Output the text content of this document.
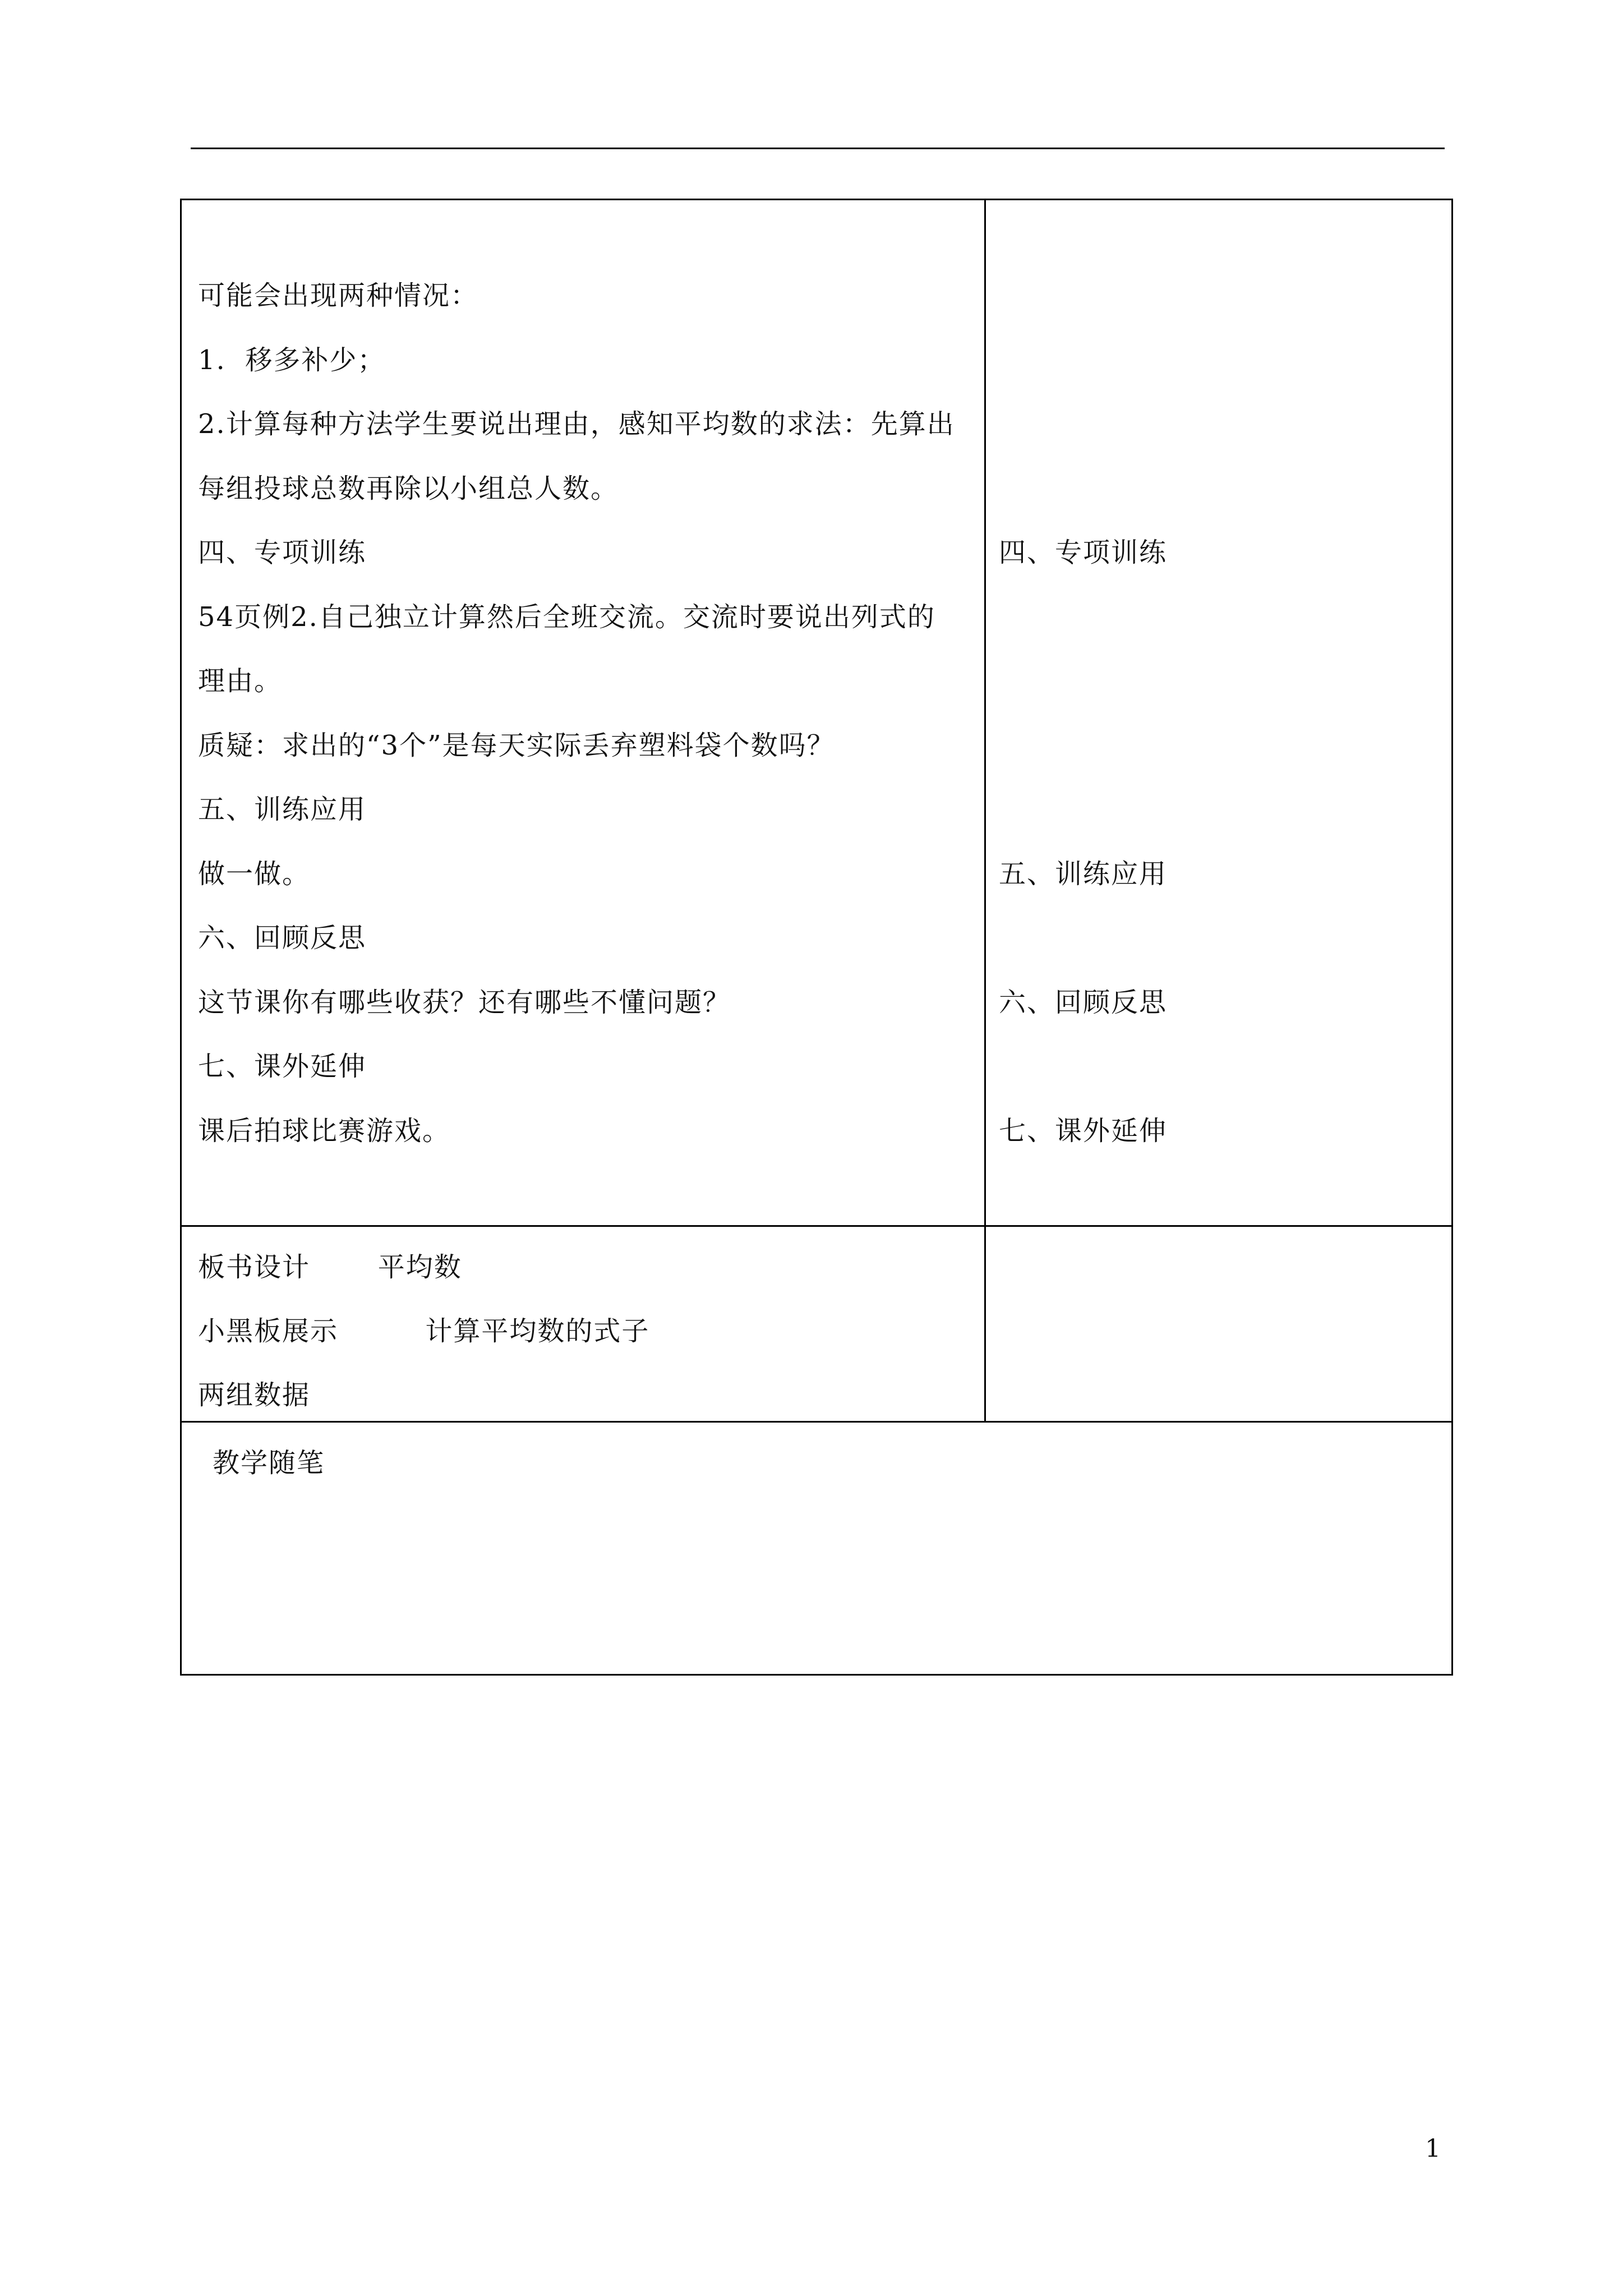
可能会出现两种情况：
1.  移多补少；
2.计算每种方法学生要说出理由，感知平均数的求法：先算出
每组投球总数再除以小组总人数。
四、专项训练
54页例2.自己独立计算然后全班交流。交流时要说出列式的
理由。
质疑：求出的“3个”是每天实际丢弃塑料袋个数吗？
五、训练应用
做一做。
六、回顾反思
这节课你有哪些收获？还有哪些不懂问题？
七、课外延伸
课后拍球比赛游戏。
四、专项训练
五、训练应用
六、回顾反思
七、课外延伸
板书设计       平均数
小黑板展示         计算平均数的式子
两组数据
教学随笔
1
